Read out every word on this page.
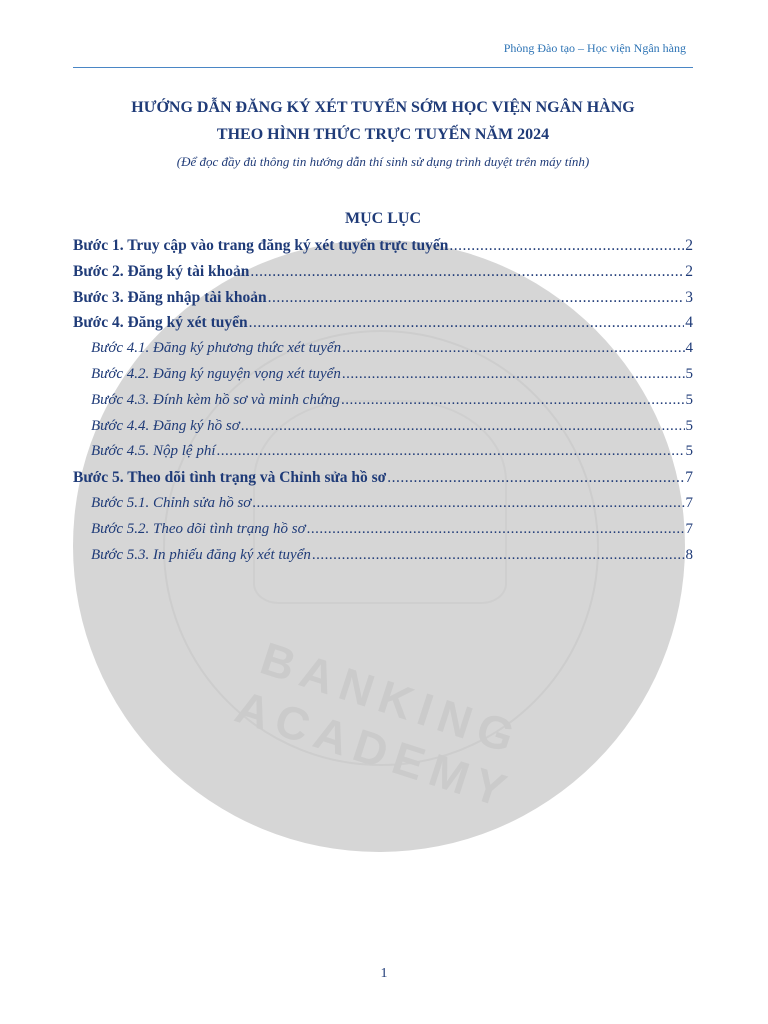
Phòng Đào tạo – Học viện Ngân hàng
BANKING ACADEMY
HƯỚNG DẪN ĐĂNG KÝ XÉT TUYỂN SỚM HỌC VIỆN NGÂN HÀNG
THEO HÌNH THỨC TRỰC TUYẾN NĂM 2024
(Để đọc đầy đủ thông tin hướng dẫn thí sinh sử dụng trình duyệt trên máy tính)
MỤC LỤC
Bước 1. Truy cập vào trang đăng ký xét tuyển trực tuyến .....	2
Bước 2. Đăng ký tài khoản .....	2
Bước 3. Đăng nhập tài khoản .....	3
Bước 4. Đăng ký xét tuyển .....	4
Bước 4.1. Đăng ký phương thức xét tuyển .....	4
Bước 4.2. Đăng ký nguyện vọng xét tuyển .....	5
Bước 4.3. Đính kèm hồ sơ và minh chứng .....	5
Bước 4.4. Đăng ký hồ sơ .....	5
Bước 4.5. Nộp lệ phí .....	5
Bước 5. Theo dõi tình trạng và Chỉnh sửa hồ sơ .....	7
Bước 5.1. Chỉnh sửa hồ sơ .....	7
Bước 5.2. Theo dõi tình trạng hồ sơ .....	7
Bước 5.3. In phiếu đăng ký xét tuyển .....	8
1
